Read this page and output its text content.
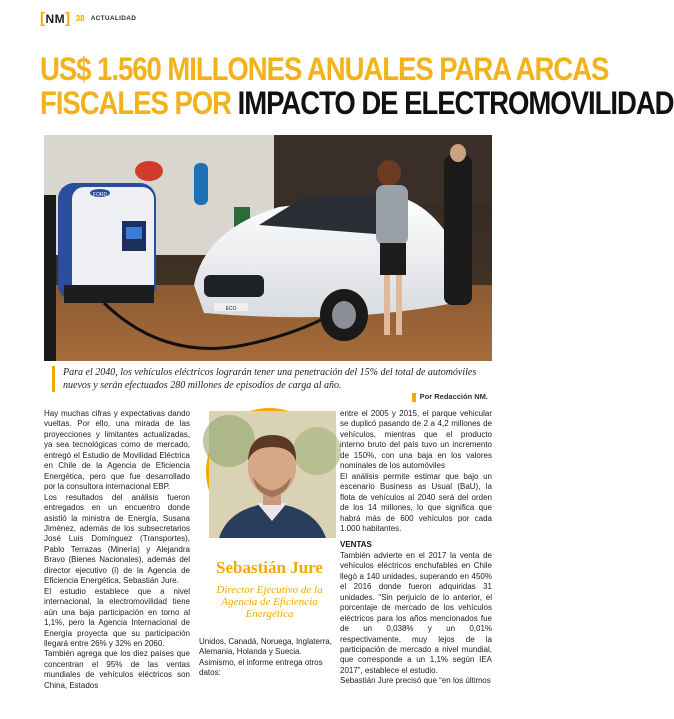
[NM] 38 ACTUALIDAD
US$ 1.560 MILLONES ANUALES PARA ARCAS
FISCALES POR IMPACTO DE ELECTROMOVILIDAD
FORD
ECO
Para el 2040, los vehículos eléctricos lograrán tener una penetración del 15% del total de automóviles nuevos y serán efectuados 280 millones de episodios de carga al año.
Por Redacción NM.

Hay muchas cifras y expectativas dando vueltas. Por ello, una mirada de las proyecciones y limitantes actualizadas, ya sea tecnológicas como de mercado, entregó el Estudio de Movilidad Eléctrica en Chile de la Agencia de Eficiencia Energética, pero que fue desarrollado por la consultora internacional EBP.

Los resultados del análisis fueron entregados en un encuentro donde asistió la ministra de Energía, Susana Jiménez, además de los subsecretarios José Luis Domínguez (Transportes), Pablo Terrazas (Minería) y Alejandra Bravo (Bienes Nacionales), además del director ejecutivo (i) de la Agencia de Eficiencia Energética, Sebastián Jure.

El estudio establece que a nivel internacional, la electromovilidad tiene aún una baja participación en torno al 1,1%, pero la Agencia Internacional de Energía proyecta que su participación llegará entre 26% y 32% en 2060.

También agrega que los diez países que concentran el 95% de las ventas mundiales de vehículos eléctricos son China, Estados

Sebastián Jure
Director Ejecutivo de la Agencia de Eficiencia Energética
Unidos, Canadá, Noruega, Inglaterra, Alemania, Holanda y Suecia. Asimismo, el informe entrega otros datos:

entre el 2005 y 2015, el parque vehicular se duplicó pasando de 2 a 4,2 millones de vehículos, mientras que el producto interno bruto del país tuvo un incremento de 150%, con una baja en los valores nominales de los automóviles

El análisis permite estimar que bajo un escenario Business as Usual (BaU), la flota de vehículos al 2040 será del orden de los 14 millones, lo que significa que habrá más de 600 vehículos por cada 1.000 habitantes.

VENTAS

También advierte en el 2017 la venta de vehículos eléctricos enchufables en Chile llegó a 140 unidades, superando en 450% el 2016 donde fueron adquiridas 31 unidades. “Sin perjuicio de lo anterior, el porcentaje de mercado de los vehículos eléctricos para los años mencionados fue de un 0,038% y un 0,01% respectivamente, muy lejos de la participación de mercado a nivel mundial, que corresponde a un 1,1% según IEA 2017”, establece el estudio.

Sebastián Jure precisó que “en los últimos
